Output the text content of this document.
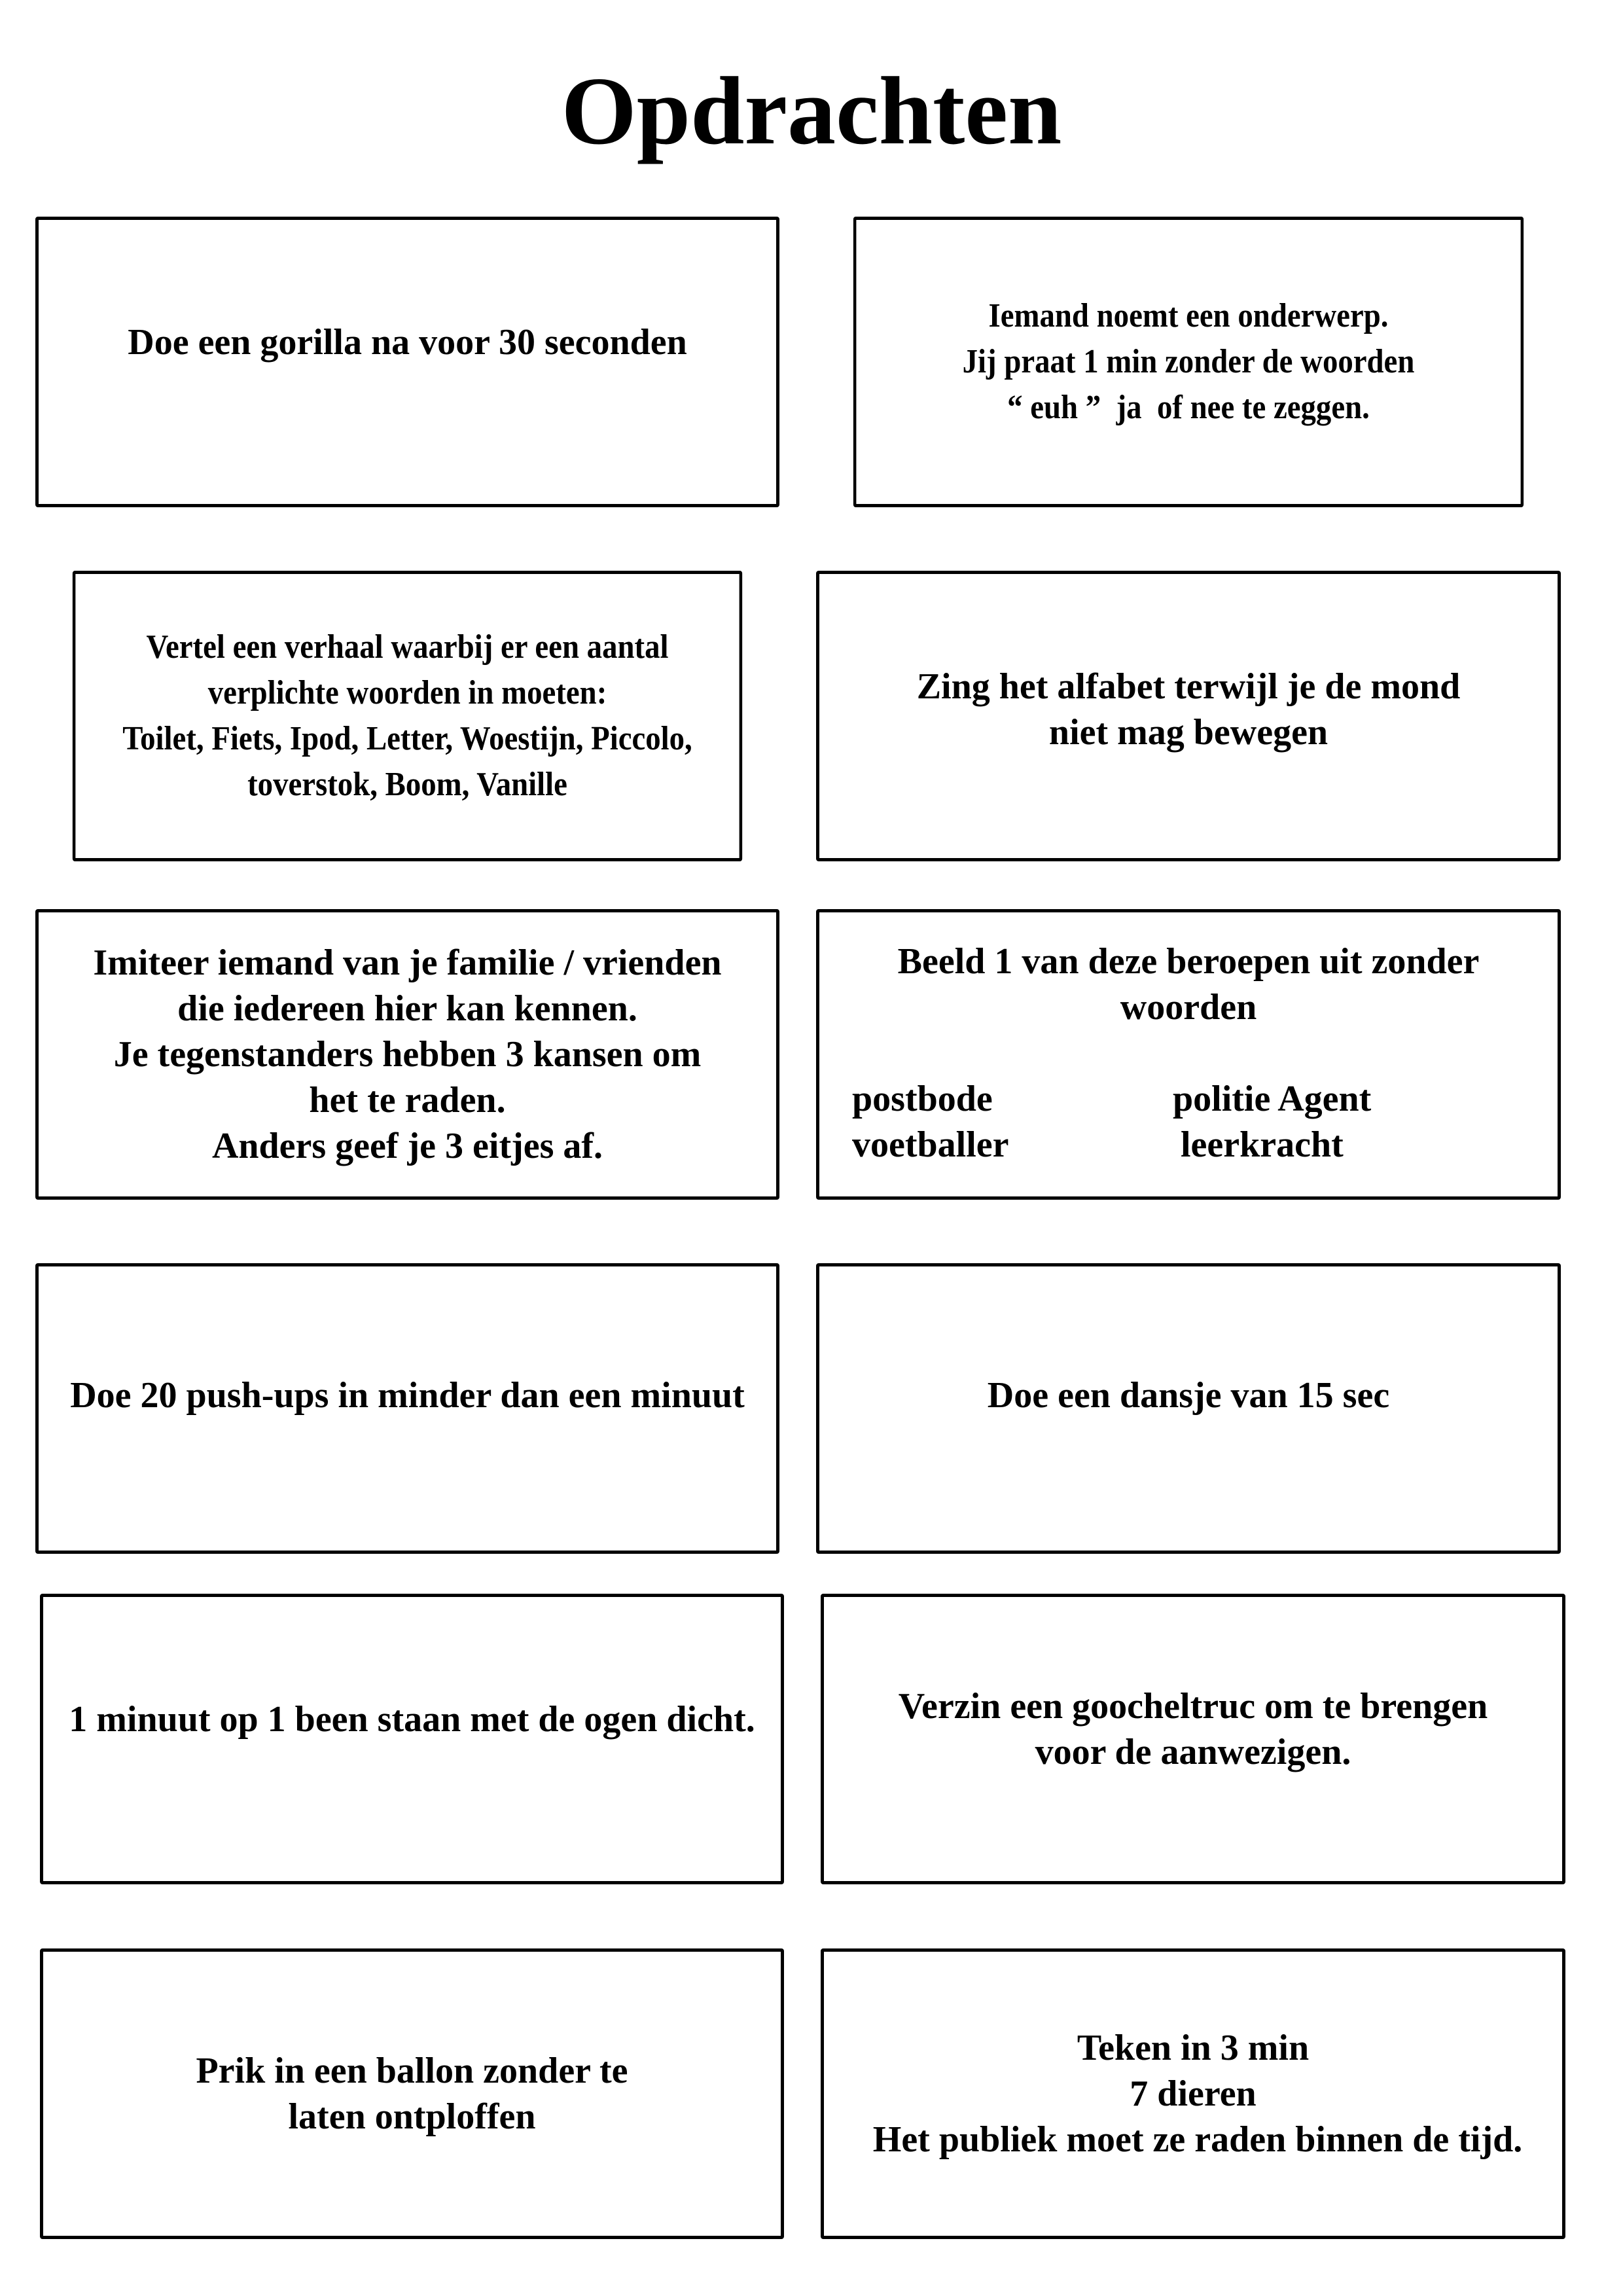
Opdrachten
Doe een gorilla na voor 30 seconden
Iemand noemt een onderwerp.
Jij praat 1 min zonder de woorden
“ euh ”  ja  of nee te zeggen.
Vertel een verhaal waarbij er een aantal
verplichte woorden in moeten:
Toilet, Fiets, Ipod, Letter, Woestijn, Piccolo,
toverstok, Boom, Vanille
Zing het alfabet terwijl je de mond
niet mag bewegen
Imiteer iemand van je familie / vrienden
die iedereen hier kan kennen.
Je tegenstanders hebben 3 kansen om
het te raden.
Anders geef je 3 eitjes af.
Beeld 1 van deze beroepen uit zonder
woorden
postbode	politie Agent
voetballer	leerkracht
Doe 20 push-ups in minder dan een minuut	Doe een dansje van 15 sec
1 minuut op 1 been staan met de ogen dicht.	Verzin een goocheltruc om te brengen
voor de aanwezigen.
Prik in een ballon zonder te
laten ontploffen
Teken in 3 min
7 dieren
Het publiek moet ze raden binnen de tijd.
